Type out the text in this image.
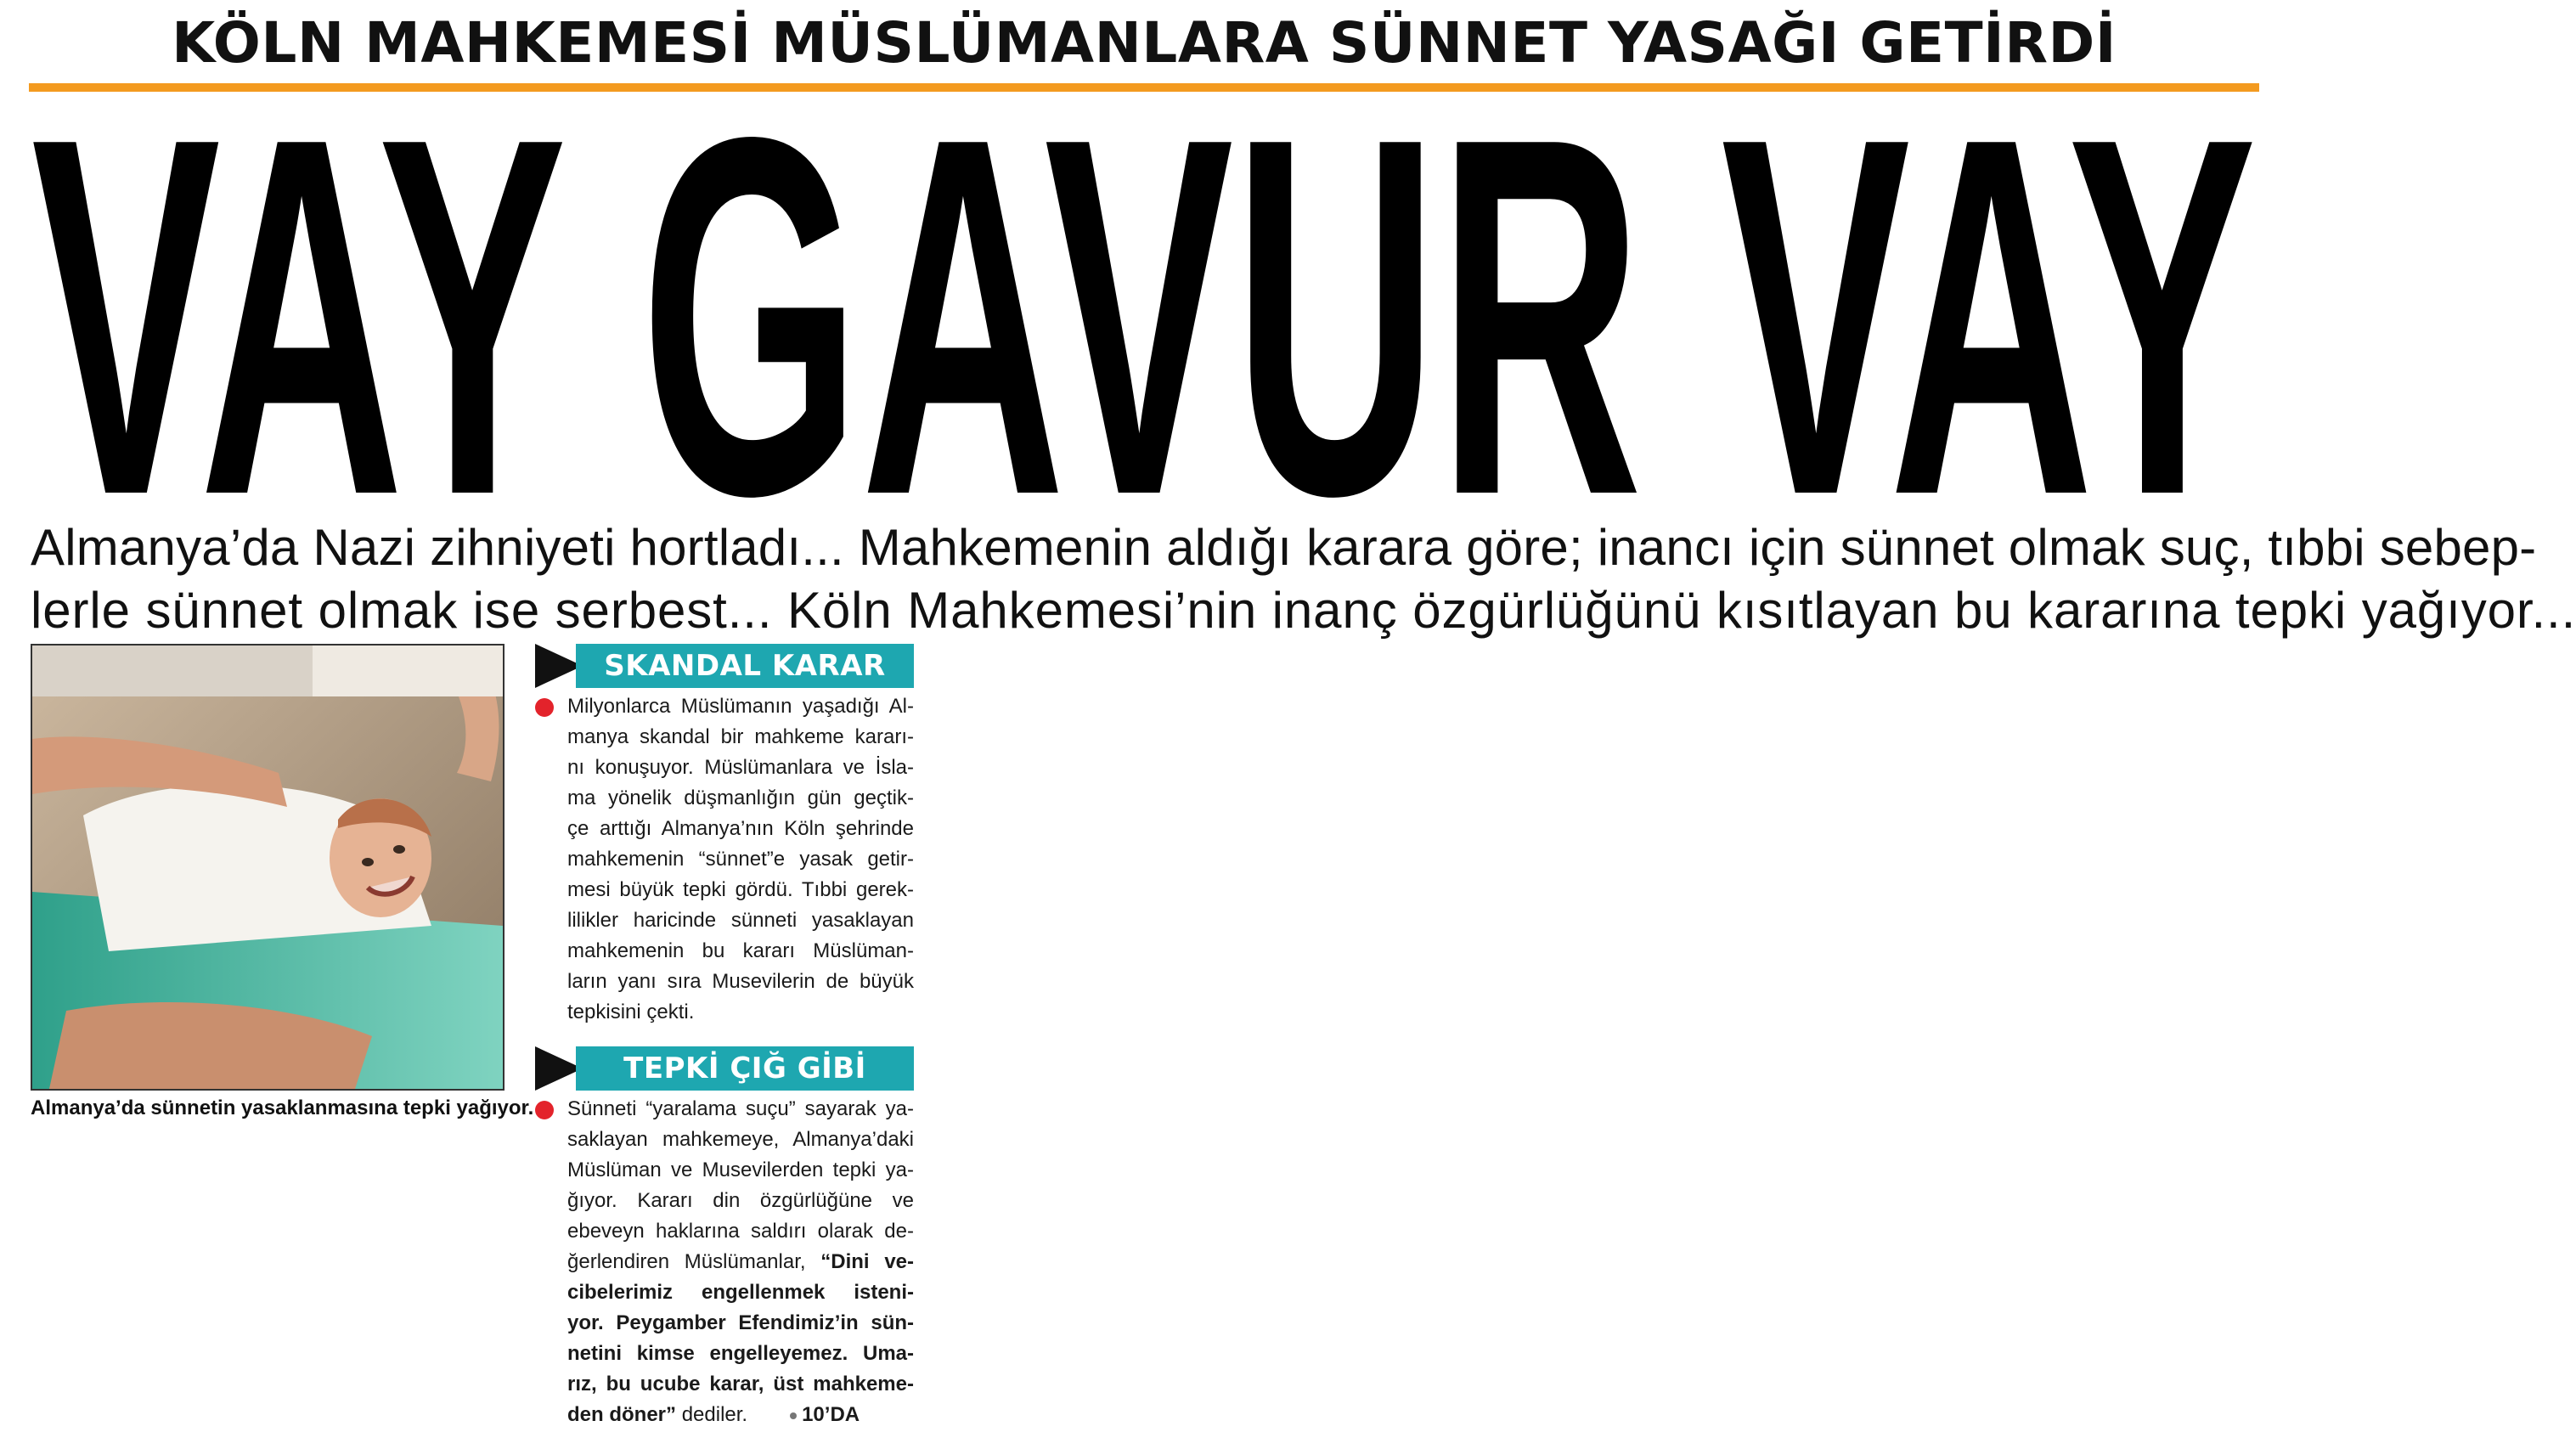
KÖLN MAHKEMESİ MÜSLÜMANLARA SÜNNET YASAĞI GETİRDİ
VAY GAVUR VAY
Almanya’da Nazi zihniyeti hortladı... Mahkemenin aldığı karara göre; inancı için sünnet olmak suç, tıbbi sebep-
lerle sünnet olmak ise serbest... Köln Mahkemesi’nin inanç özgürlüğünü kısıtlayan bu kararına tepki yağıyor...
Almanya’da sünnetin yasaklanmasına tepki yağıyor.
SKANDAL KARAR
Milyonlarca Müslümanın yaşadığı Al-
manya skandal bir mahkeme kararı-
nı konuşuyor. Müslümanlara ve İsla-
ma yönelik düşmanlığın gün geçtik-
çe arttığı Almanya’nın Köln şehrinde
mahkemenin “sünnet”e yasak getir-
mesi büyük tepki gördü. Tıbbi gerek-
lilikler haricinde sünneti yasaklayan
mahkemenin bu kararı Müslüman-
ların yanı sıra Musevilerin de büyük
tepkisini çekti.
TEPKİ ÇIĞ GİBİ
Sünneti “yaralama suçu” sayarak ya-
saklayan mahkemeye, Almanya’daki
Müslüman ve Musevilerden tepki ya-
ğıyor. Kararı din özgürlüğüne ve
ebeveyn haklarına saldırı olarak de-
ğerlendiren Müslümanlar, “Dini ve-
cibelerimiz engellenmek isteni-
yor. Peygamber Efendimiz’in sün-
netini kimse engelleyemez. Uma-
rız, bu ucube karar, üst mahkeme-
den döner” dediler.	10’DA
